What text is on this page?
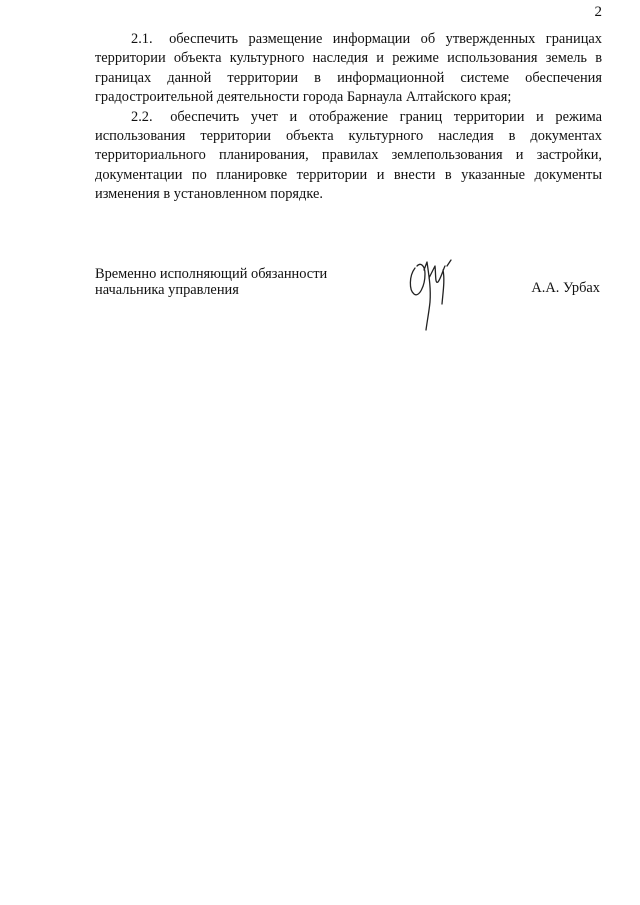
2

2.1. обеспечить размещение информации об утвержденных границах территории объекта культурного наследия и режиме использования земель в границах данной территории в информационной системе обеспечения градостроительной деятельности города Барнаула Алтайского края;

2.2. обеспечить учет и отображение границ территории и режима использования территории объекта культурного наследия в документах территориального планирования, правилах землепользования и застройки, документации по планировке территории и внести в указанные документы изменения в установленном порядке.

Временно исполняющий обязанности
начальника управления	А.А. Урбах
